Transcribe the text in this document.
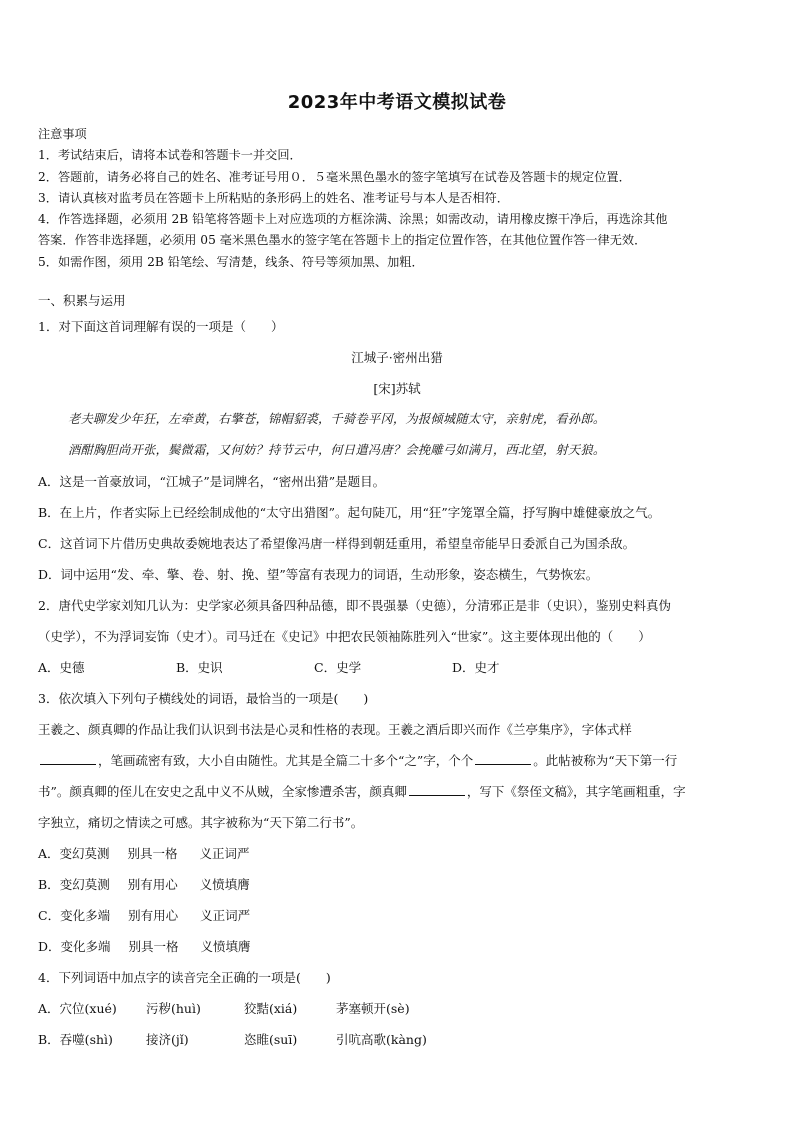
2023年中考语文模拟试卷
注意事项
1．考试结束后，请将本试卷和答题卡一并交回．
2．答题前，请务必将自己的姓名、准考证号用０．５毫米黑色墨水的签字笔填写在试卷及答题卡的规定位置．
3．请认真核对监考员在答题卡上所粘贴的条形码上的姓名、准考证号与本人是否相符．
4．作答选择题，必须用 2B 铅笔将答题卡上对应选项的方框涂满、涂黑；如需改动，请用橡皮擦干净后，再选涂其他
答案．作答非选择题，必须用 05 毫米黑色墨水的签字笔在答题卡上的指定位置作答，在其他位置作答一律无效．
5．如需作图，须用 2B 铅笔绘、写清楚，线条、符号等须加黑、加粗．
一、积累与运用
1．对下面这首词理解有误的一项是（　　）
江城子·密州出猎
[宋]苏轼
老夫聊发少年狂，左牵黄，右擎苍，锦帽貂裘，千骑卷平冈，为报倾城随太守，亲射虎，看孙郎。
酒酣胸胆尚开张，鬓微霜，又何妨？持节云中，何日遣冯唐？会挽雕弓如满月，西北望，射天狼。
A．这是一首豪放词，“江城子”是词牌名，“密州出猎”是题目。
B．在上片，作者实际上已经绘制成他的“太守出猎图”。起句陡兀，用“狂”字笼罩全篇，抒写胸中雄健豪放之气。
C．这首词下片借历史典故委婉地表达了希望像冯唐一样得到朝廷重用，希望皇帝能早日委派自己为国杀敌。
D．词中运用“发、牵、擎、卷、射、挽、望”等富有表现力的词语，生动形象，姿态横生，气势恢宏。
2．唐代史学家刘知几认为：史学家必须具备四种品德，即不畏强暴（史德），分清邪正是非（史识），鉴别史料真伪
（史学），不为浮词妄饰（史才）。司马迁在《史记》中把农民领袖陈胜列入“世家”。这主要体现出他的（　　）
A．史德	B．史识	C．史学	D．史才
3．依次填入下列句子横线处的词语，最恰当的一项是(　　)
王羲之、颜真卿的作品让我们认识到书法是心灵和性格的表现。王羲之酒后即兴而作《兰亭集序》，字体式样
，笔画疏密有致，大小自由随性。尤其是全篇二十多个“之”字，个个	。此帖被称为“天下第一行
书”。颜真卿的侄儿在安史之乱中义不从贼，全家惨遭杀害，颜真卿	，写下《祭侄文稿》，其字笔画粗重，字
字独立，痛切之情读之可感。其字被称为“天下第二行书”。
A． 变幻莫测	别具一格	义正词严
B． 变幻莫测	别有用心	义愤填膺
C． 变化多端	别有用心	义正词严
D． 变化多端	别具一格	义愤填膺
4．下列词语中加点字的读音完全正确的一项是(　　)
A．穴位(xué)	污秽(huì)	狡黠(xiá)	茅塞顿开(sè)
B．吞噬(shì)	接济(jǐ)	恣睢(suī)	引吭高歌(kàng)
